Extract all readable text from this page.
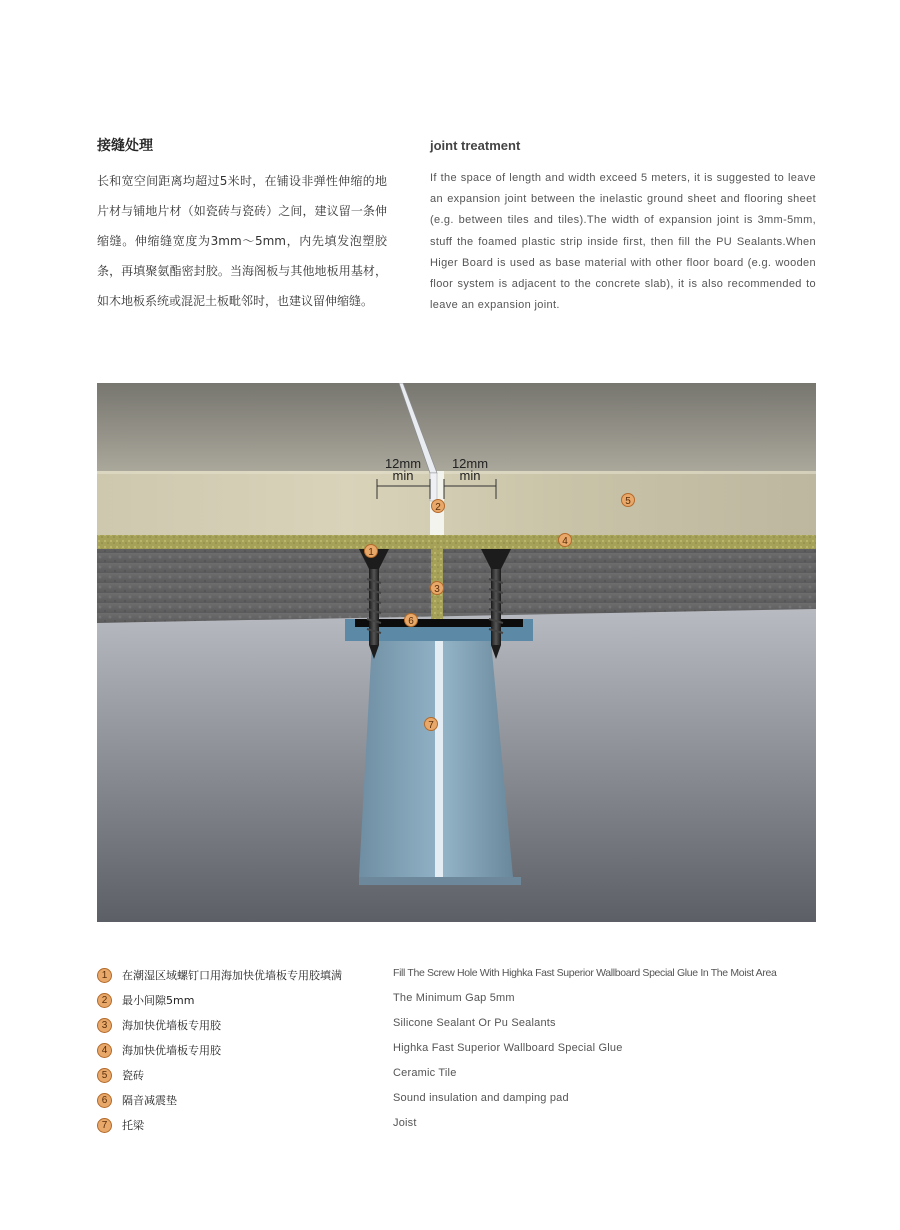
接缝处理

长和宽空间距离均超过5米时，在铺设非弹性伸缩的地片材与铺地片材（如瓷砖与瓷砖）之间，建议留一条伸缩缝。伸缩缝宽度为3mm～5mm，内先填发泡塑胶条，再填聚氨酯密封胶。当海阁板与其他地板用基材，如木地板系统或混泥土板毗邻时，也建议留伸缩缝。

joint treatment

If the space of length and width exceed 5 meters, it is suggested to leave an expansion joint between the inelastic ground sheet and flooring sheet (e.g. between tiles and tiles).The width of expansion joint is 3mm-5mm, stuff the foamed plastic strip inside first, then fill the PU Sealants.When Higer Board is used as base material with other floor board (e.g. wooden floor system is adjacent to the concrete slab), it is also recommended to leave an expansion joint.

12mm
min
12mm
min
1
2
3
4
5
6
7
1	在潮湿区域螺钉口用海加快优墙板专用胶填满	Fill The Screw Hole With Highka Fast Superior Wallboard Special Glue In The Moist Area
2	最小间隙5mm	The Minimum Gap 5mm
3	海加快优墙板专用胶	Silicone Sealant Or Pu Sealants
4	海加快优墙板专用胶	Highka Fast Superior Wallboard Special Glue
5	瓷砖	Ceramic Tile
6	隔音减震垫	Sound insulation and damping pad
7	托梁	Joist
